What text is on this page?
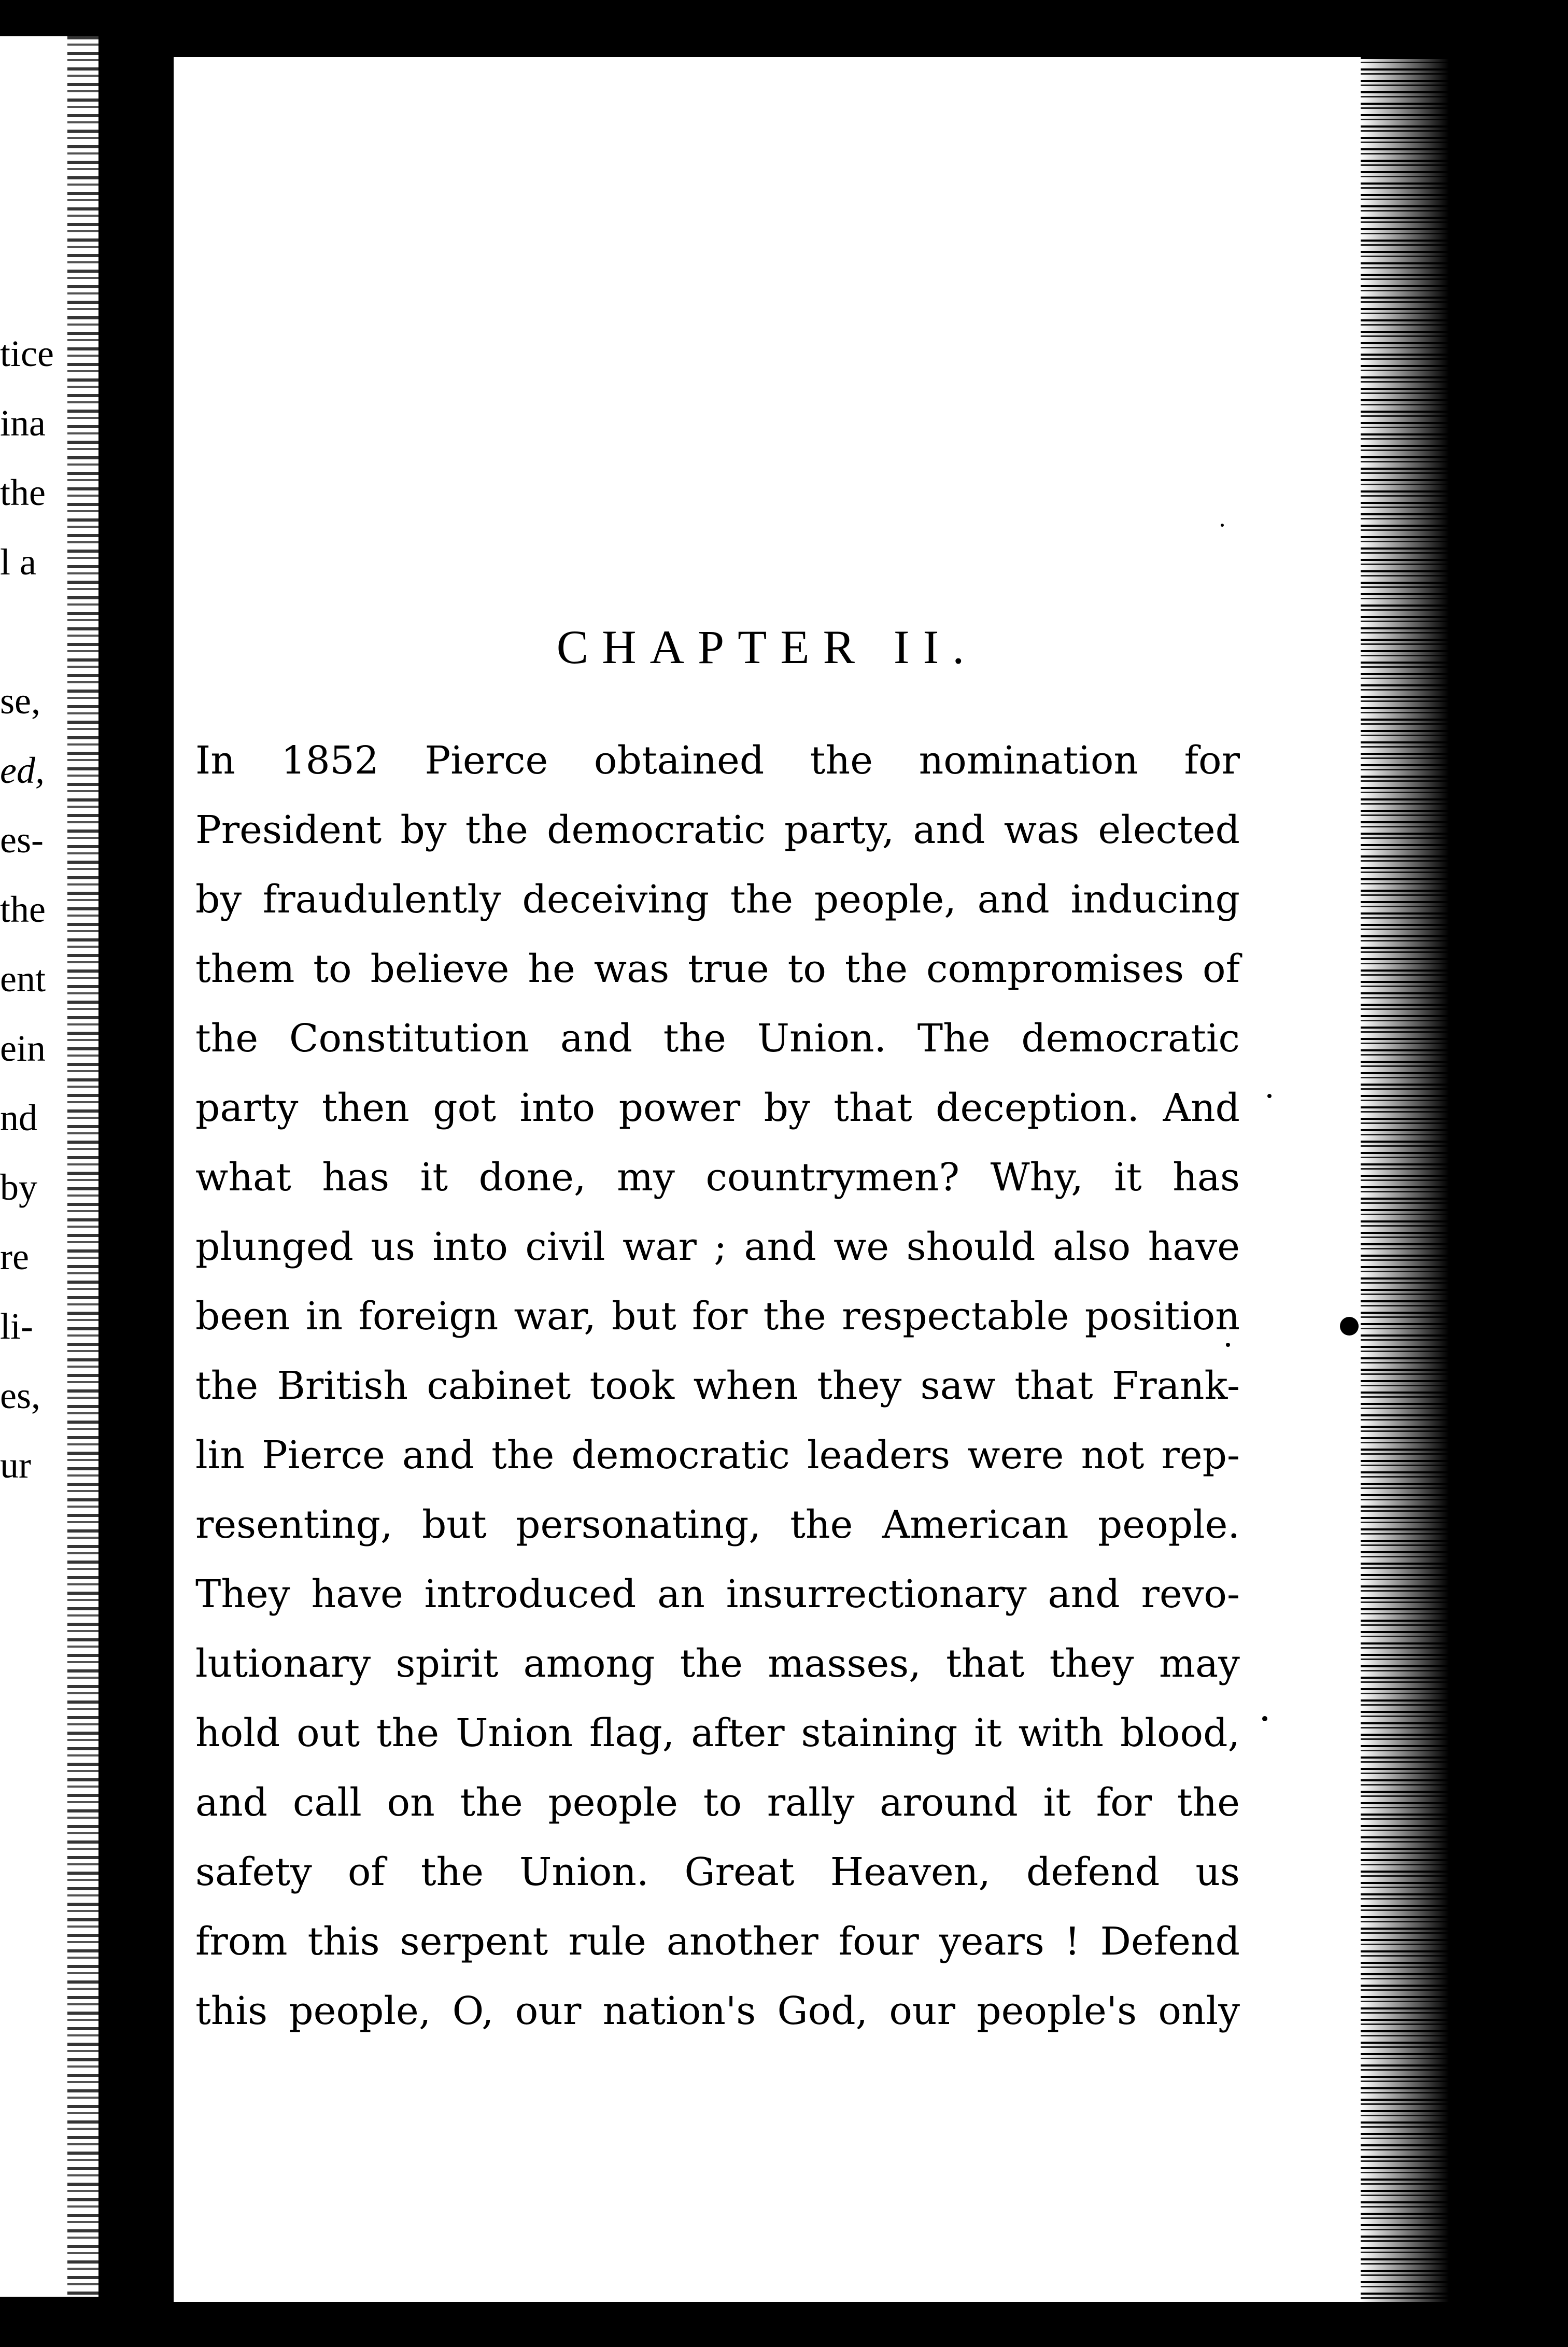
tice
ina
the
l a
se,
ed,
es-
the
ent
ein
nd
by
re
li-
es,
ur
CHAPTER II.

In 1852 Pierce obtained the nomination for
President by the democratic party, and was elected
by fraudulently deceiving the people, and inducing
them to believe he was true to the compromises of
the Constitution and the Union. The democratic
party then got into power by that deception. And
what has it done, my countrymen? Why, it has
plunged us into civil war ; and we should also have
been in foreign war, but for the respectable position
the British cabinet took when they saw that Frank-
lin Pierce and the democratic leaders were not rep-
resenting, but personating, the American people.
They have introduced an insurrectionary and revo-
lutionary spirit among the masses, that they may
hold out the Union flag, after staining it with blood,
and call on the people to rally around it for the
safety of the Union. Great Heaven, defend us
from this serpent rule another four years ! Defend
this people, O, our nation's God, our people's only
